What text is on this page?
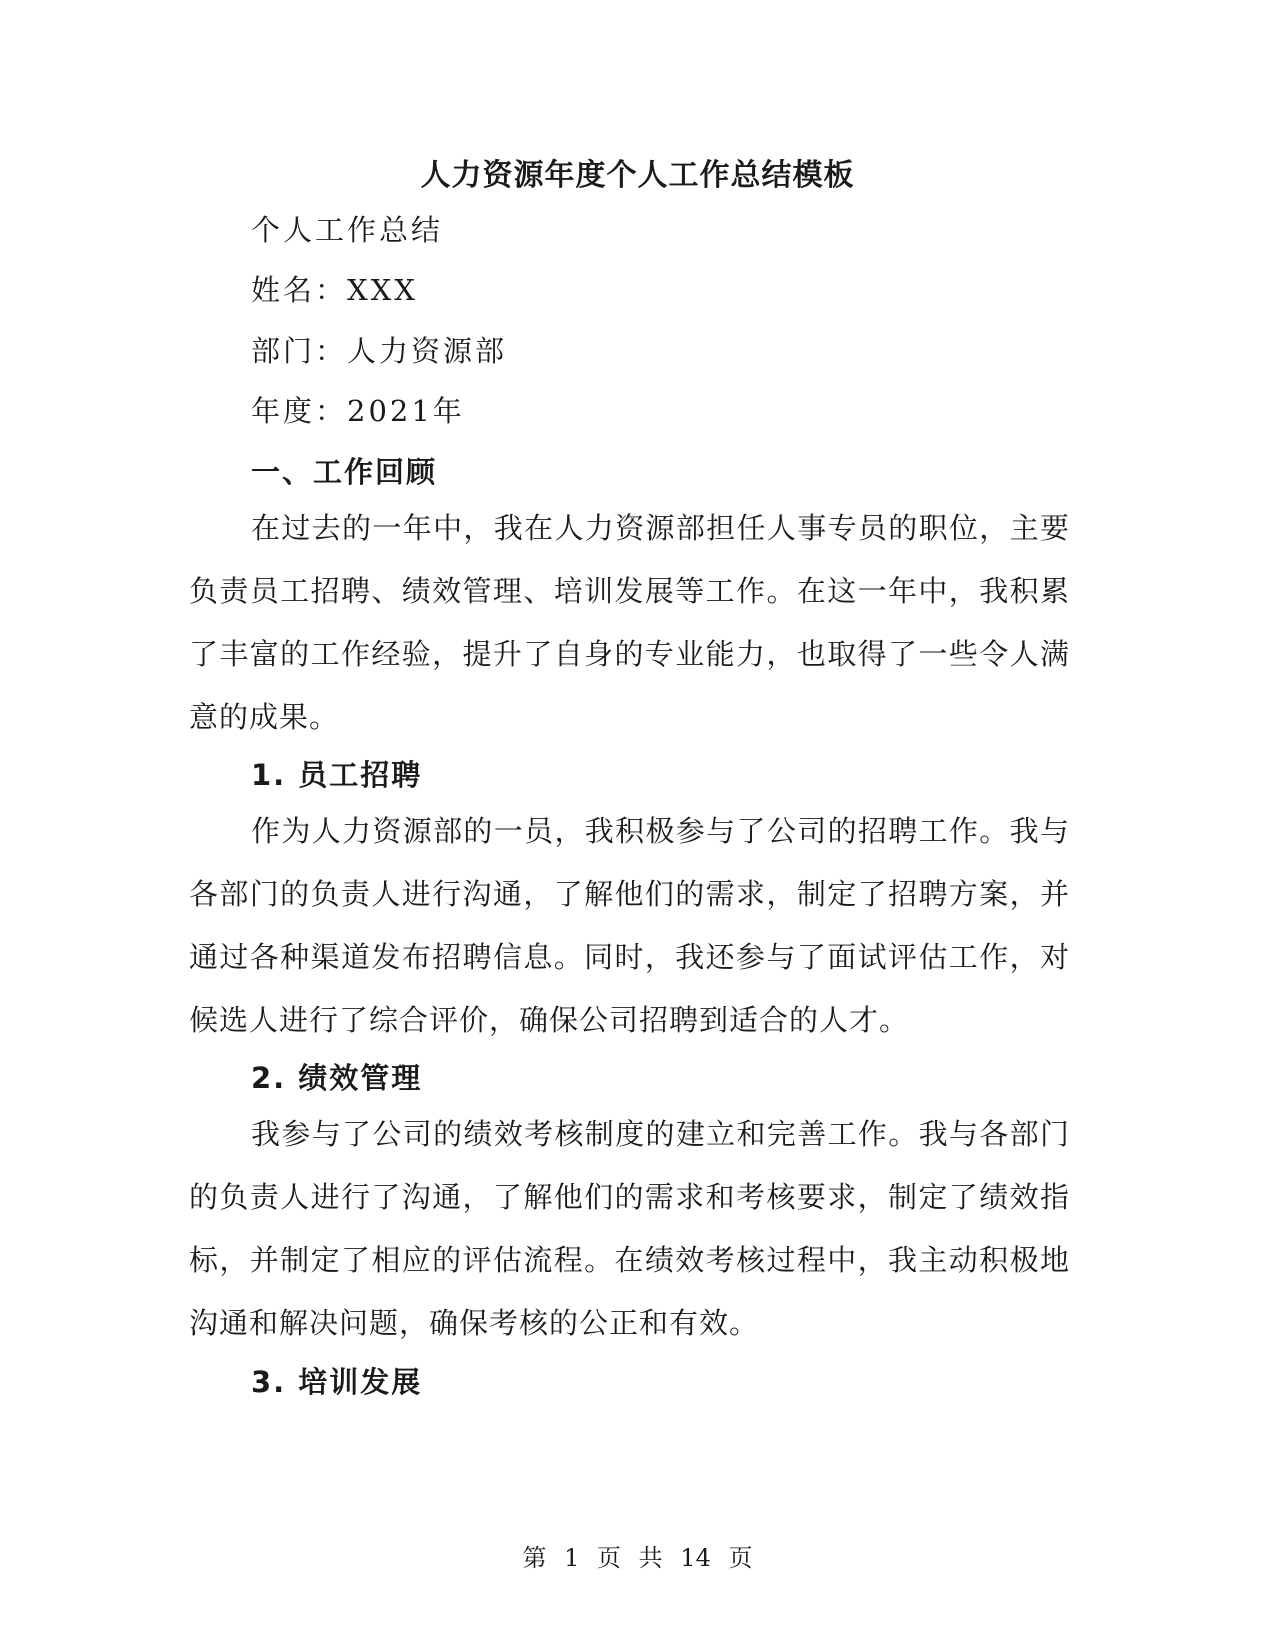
人力资源年度个人工作总结模板
个人工作总结
姓名：XXX
部门：人力资源部
年度：2021年
一、工作回顾
在过去的一年中，我在人力资源部担任人事专员的职位，主要负责员工招聘、绩效管理、培训发展等工作。在这一年中，我积累了丰富的工作经验，提升了自身的专业能力，也取得了一些令人满意的成果。
1. 员工招聘
作为人力资源部的一员，我积极参与了公司的招聘工作。我与各部门的负责人进行沟通，了解他们的需求，制定了招聘方案，并通过各种渠道发布招聘信息。同时，我还参与了面试评估工作，对候选人进行了综合评价，确保公司招聘到适合的人才。
2. 绩效管理
我参与了公司的绩效考核制度的建立和完善工作。我与各部门的负责人进行了沟通，了解他们的需求和考核要求，制定了绩效指标，并制定了相应的评估流程。在绩效考核过程中，我主动积极地沟通和解决问题，确保考核的公正和有效。
3. 培训发展
第 1 页 共 14 页
